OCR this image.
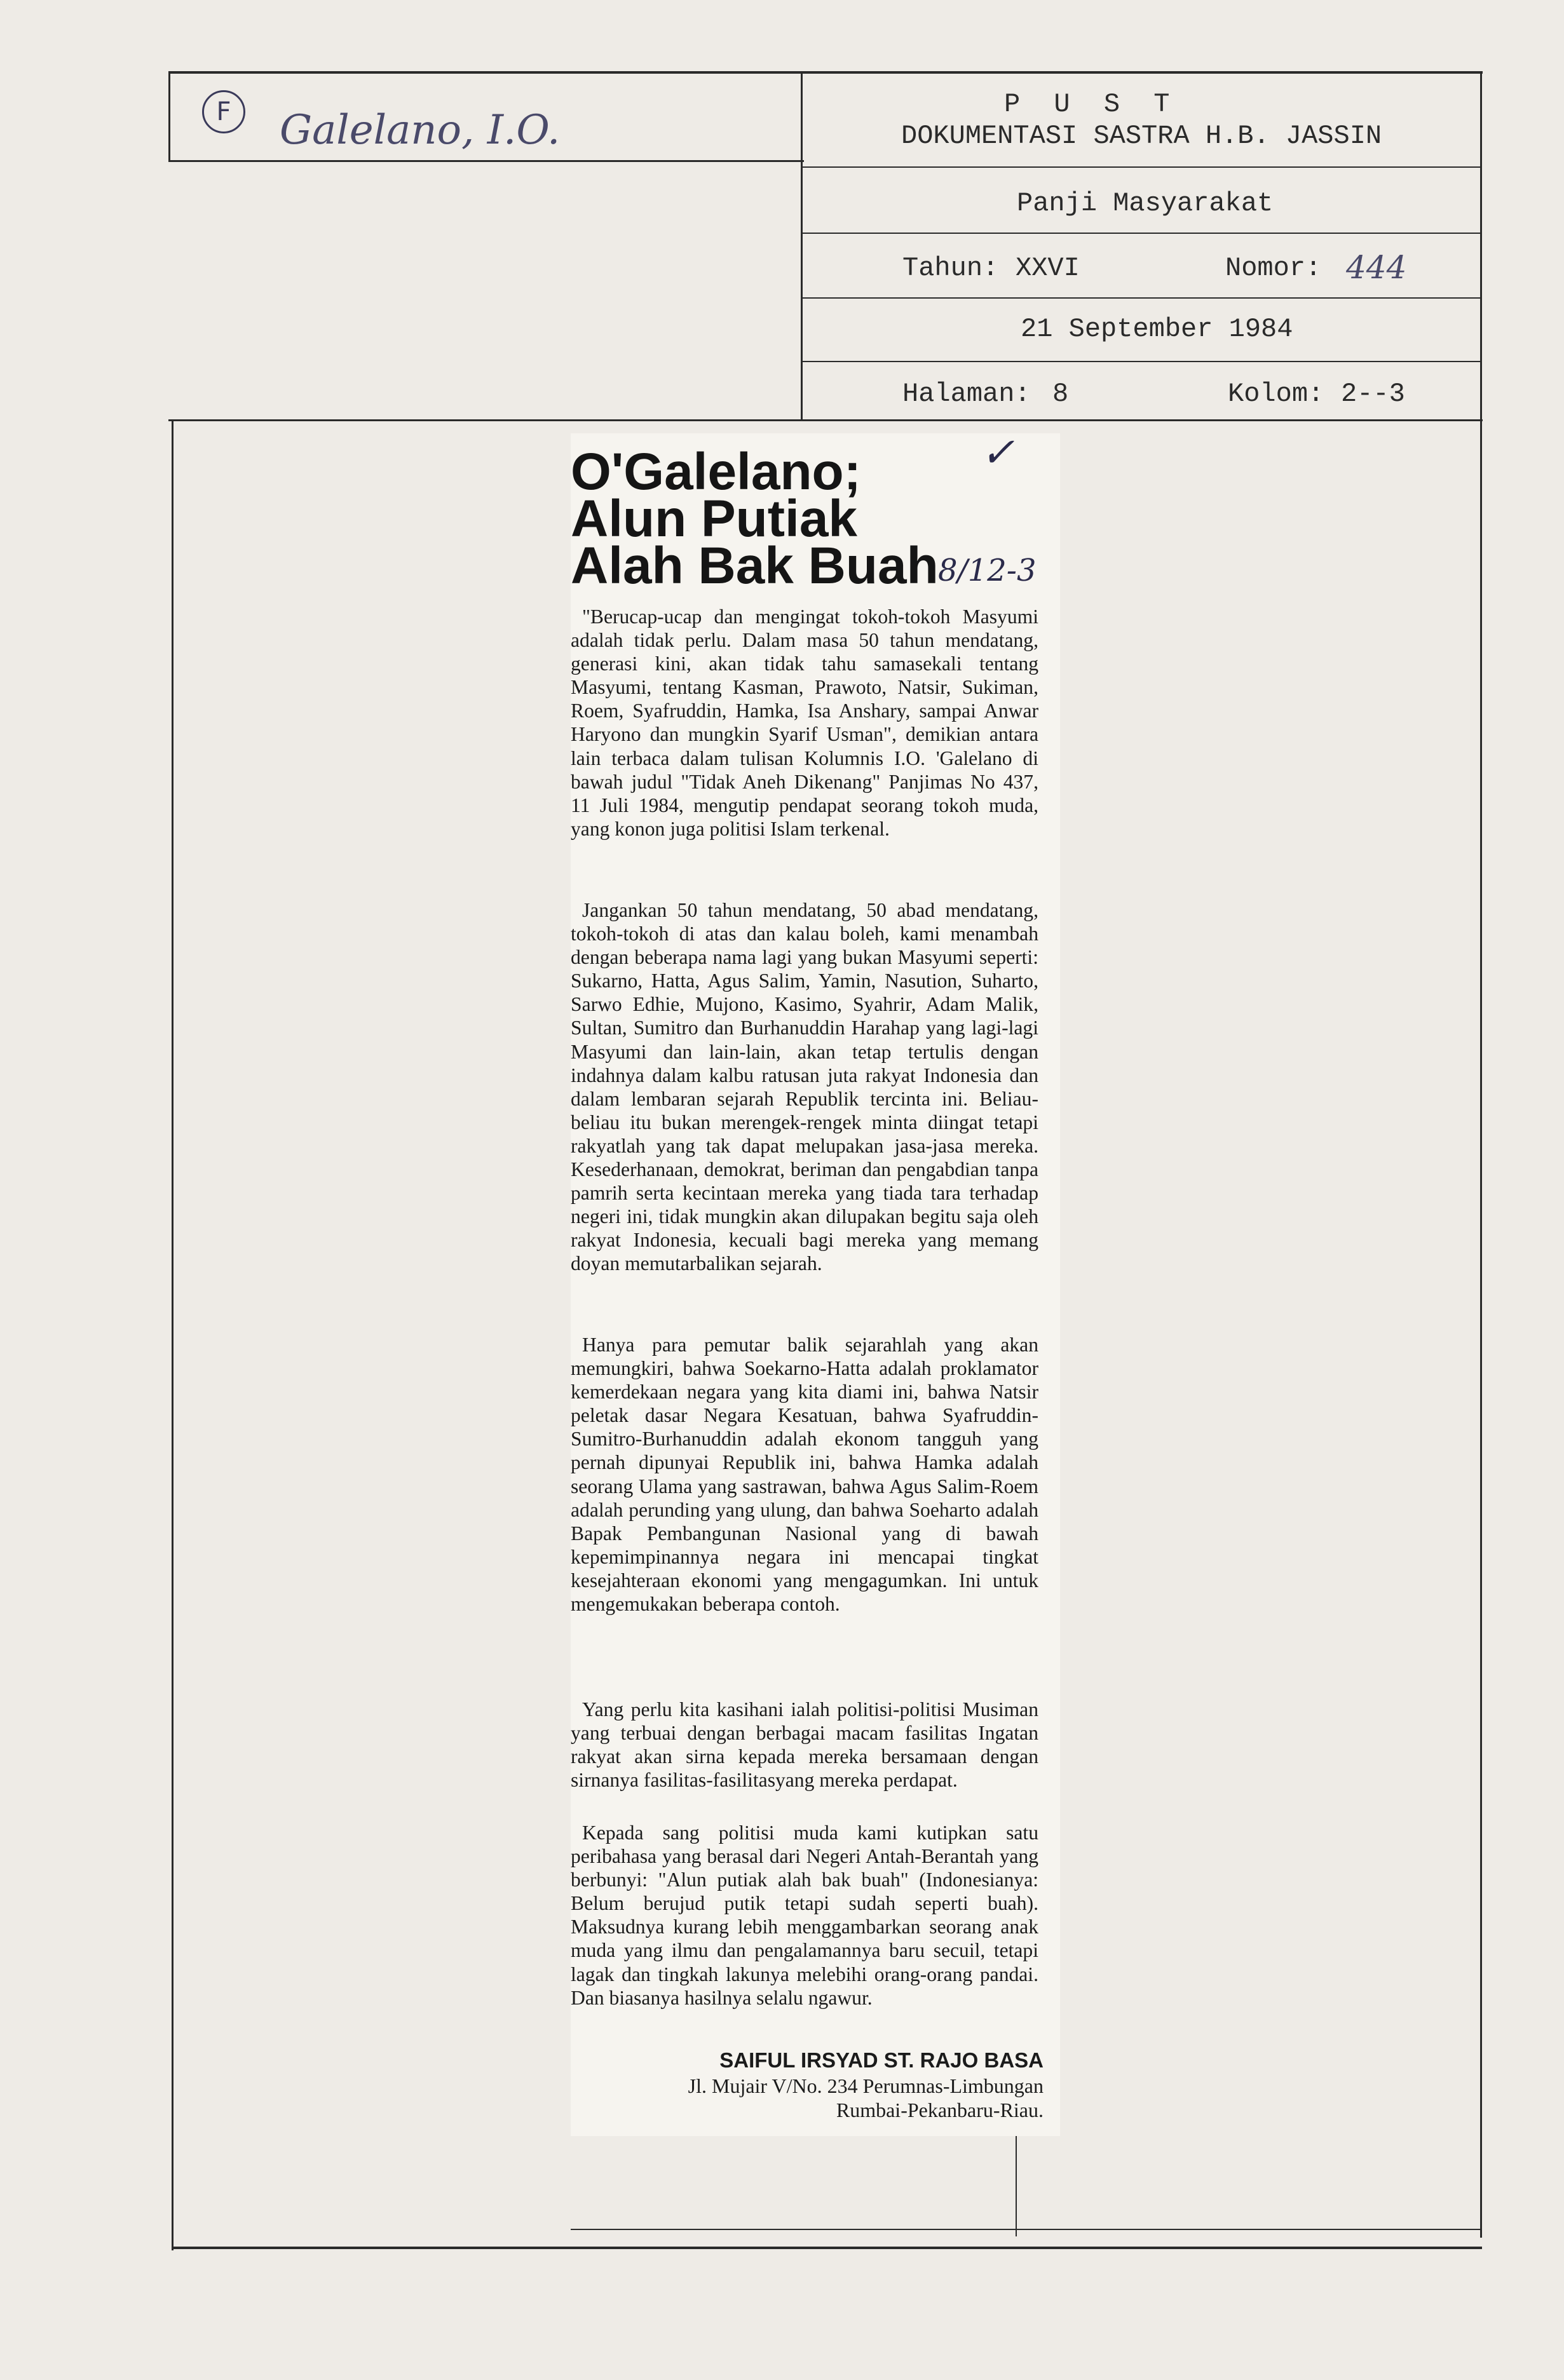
F	Galelano, I.O.
P U S T
DOKUMENTASI SASTRA H.B. JASSIN
Panji Masyarakat
Tahun: XXVI	Nomor: 444
21 September 1984
Halaman: 8	Kolom: 2--3
✓
O'Galelano;
Alun Putiak
Alah Bak Buah 8/12-3

"Berucap-ucap dan mengingat tokoh-tokoh Masyumi adalah tidak perlu. Dalam masa 50 tahun mendatang, generasi kini, akan tidak tahu samasekali tentang Masyumi, tentang Kasman, Prawoto, Natsir, Sukiman, Roem, Syafruddin, Hamka, Isa Anshary, sampai Anwar Haryono dan mungkin Syarif Usman", demikian antara lain terbaca dalam tulisan Kolumnis I.O. 'Galelano di bawah judul "Tidak Aneh Dikenang" Panjimas No 437, 11 Juli 1984, mengutip pendapat seorang tokoh muda, yang konon juga politisi Islam terkenal.

Jangankan 50 tahun mendatang, 50 abad mendatang, tokoh-tokoh di atas dan kalau boleh, kami menambah dengan beberapa nama lagi yang bukan Masyumi seperti: Sukarno, Hatta, Agus Salim, Yamin, Nasution, Suharto, Sarwo Edhie, Mujono, Kasimo, Syahrir, Adam Malik, Sultan, Sumitro dan Burhanuddin Harahap yang lagi-lagi Masyumi dan lain-lain, akan tetap tertulis dengan indahnya dalam kalbu ratusan juta rakyat Indonesia dan dalam lembaran sejarah Republik tercinta ini. Beliau-beliau itu bukan merengek-rengek minta diingat tetapi rakyatlah yang tak dapat melupakan jasa-jasa mereka. Kesederhanaan, demokrat, beriman dan pengabdian tanpa pamrih serta kecintaan mereka yang tiada tara terhadap negeri ini, tidak mungkin akan dilupakan begitu saja oleh rakyat Indonesia, kecuali bagi mereka yang memang doyan memutarbalikan sejarah.

Hanya para pemutar balik sejarahlah yang akan memungkiri, bahwa Soekarno-Hatta adalah proklamator kemerdekaan negara yang kita diami ini, bahwa Natsir peletak dasar Negara Kesatuan, bahwa Syafruddin-Sumitro-Burhanuddin adalah ekonom tangguh yang pernah dipunyai Republik ini, bahwa Hamka adalah seorang Ulama yang sastrawan, bahwa Agus Salim-Roem adalah perunding yang ulung, dan bahwa Soeharto adalah Bapak Pembangunan Nasional yang di bawah kepemimpinannya negara ini mencapai tingkat kesejahteraan ekonomi yang mengagumkan. Ini untuk mengemukakan beberapa contoh.

Yang perlu kita kasihani ialah politisi-politisi Musiman yang terbuai dengan berbagai macam fasilitas Ingatan rakyat akan sirna kepada mereka bersamaan dengan sirnanya fasilitas-fasilitasyang mereka perdapat.

Kepada sang politisi muda kami kutipkan satu peribahasa yang berasal dari Negeri Antah-Berantah yang berbunyi: "Alun putiak alah bak buah" (Indonesianya: Belum berujud putik tetapi sudah seperti buah). Maksudnya kurang lebih menggambarkan seorang anak muda yang ilmu dan pengalamannya baru secuil, tetapi lagak dan tingkah lakunya melebihi orang-orang pandai. Dan biasanya hasilnya selalu ngawur.

SAIFUL IRSYAD ST. RAJO BASA
Jl. Mujair V/No. 234 Perumnas-Limbungan
Rumbai-Pekanbaru-Riau.
